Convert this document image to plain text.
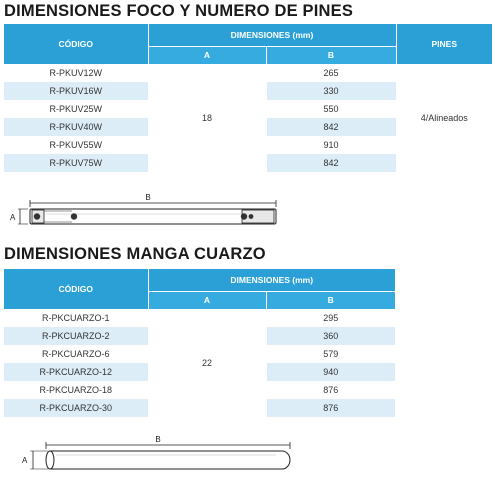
DIMENSIONES FOCO Y NUMERO DE PINES
CÓDIGO	DIMENSIONES (mm)		PINES
	A	B	
R-PKUV12W	18	265	4/Alineados
R-PKUV16W		330	
R-PKUV25W		550	
R-PKUV40W		842	
R-PKUV55W		910	
R-PKUV75W		842	
B
A
DIMENSIONES MANGA CUARZO
CÓDIGO	DIMENSIONES (mm)	
	A	B
R-PKCUARZO-1	22	295
R-PKCUARZO-2		360
R-PKCUARZO-6		579
R-PKCUARZO-12		940
R-PKCUARZO-18		876
R-PKCUARZO-30		876
B
A
